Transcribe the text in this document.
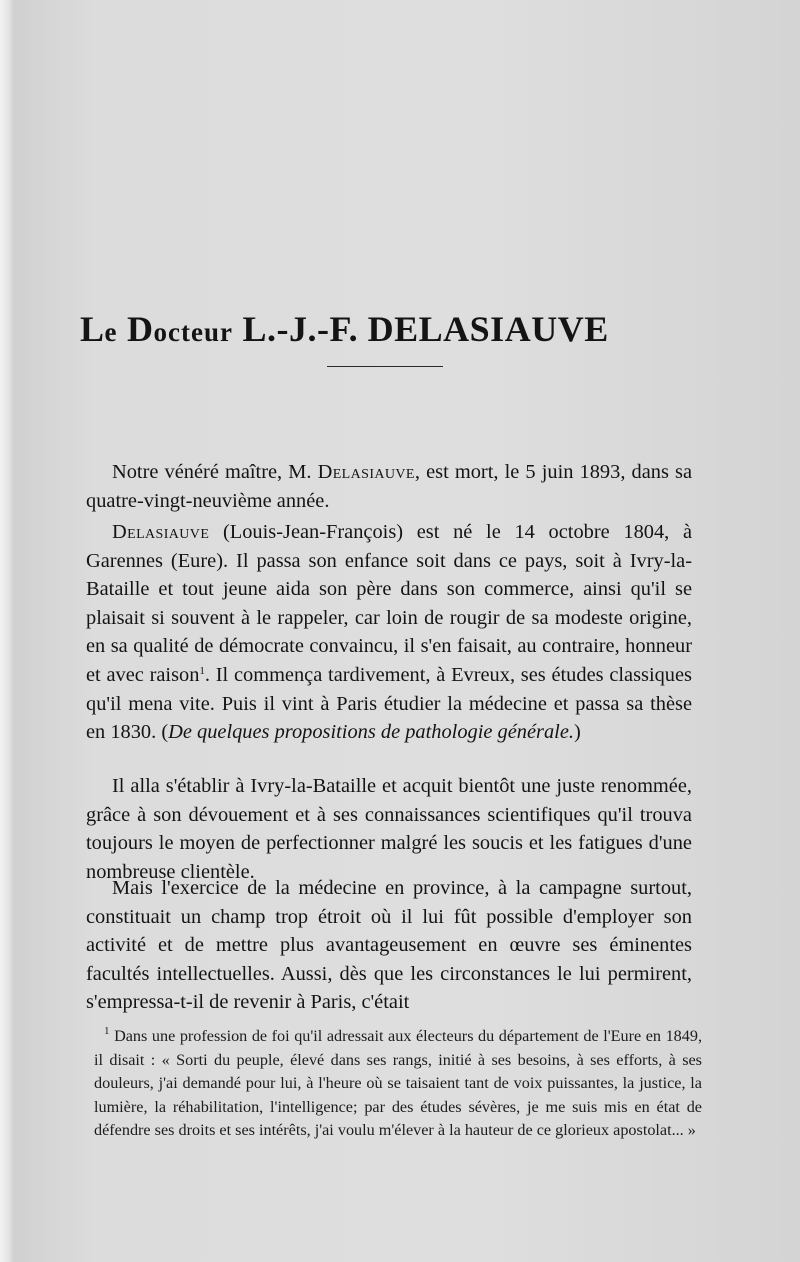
Le Docteur L.-J.-F. DELASIAUVE

Notre vénéré maître, M. Delasiauve, est mort, le 5 juin 1893, dans sa quatre-vingt-neuvième année.

Delasiauve (Louis-Jean-François) est né le 14 octobre 1804, à Garennes (Eure). Il passa son enfance soit dans ce pays, soit à Ivry-la-Bataille et tout jeune aida son père dans son commerce, ainsi qu'il se plaisait si souvent à le rappeler, car loin de rougir de sa modeste origine, en sa qualité de démocrate convaincu, il s'en faisait, au contraire, honneur et avec raison$^1$. Il commença tardivement, à Evreux, ses études classiques qu'il mena vite. Puis il vint à Paris étudier la médecine et passa sa thèse en 1830. (De quelques propositions de pathologie générale.)

Il alla s'établir à Ivry-la-Bataille et acquit bientôt une juste renommée, grâce à son dévouement et à ses connaissances scientifiques qu'il trouva toujours le moyen de perfectionner malgré les soucis et les fatigues d'une nombreuse clientèle.

Mais l'exercice de la médecine en province, à la campagne surtout, constituait un champ trop étroit où il lui fût possible d'employer son activité et de mettre plus avantageusement en œuvre ses éminentes facultés intellectuelles. Aussi, dès que les circonstances le lui permirent, s'empressa-t-il de revenir à Paris, c'était

$^1$ Dans une profession de foi qu'il adressait aux électeurs du département de l'Eure en 1849, il disait : « Sorti du peuple, élevé dans ses rangs, initié à ses besoins, à ses efforts, à ses douleurs, j'ai demandé pour lui, à l'heure où se taisaient tant de voix puissantes, la justice, la lumière, la réhabilitation, l'intelligence; par des études sévères, je me suis mis en état de défendre ses droits et ses intérêts, j'ai voulu m'élever à la hauteur de ce glorieux apostolat... »
